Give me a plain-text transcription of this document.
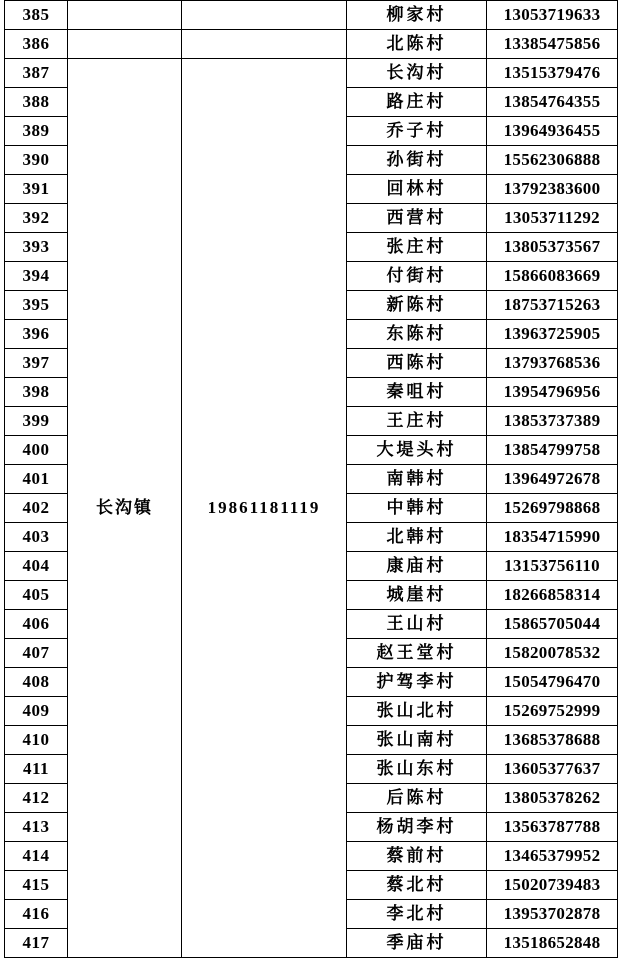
385			柳家村	13053719633
386			北陈村	13385475856
387	长沟镇	19861181119	长沟村	13515379476
388			路庄村	13854764355
389			乔子村	13964936455
390			孙街村	15562306888
391			回林村	13792383600
392			西营村	13053711292
393			张庄村	13805373567
394			付街村	15866083669
395			新陈村	18753715263
396			东陈村	13963725905
397			西陈村	13793768536
398			秦咀村	13954796956
399			王庄村	13853737389
400			大堤头村	13854799758
401			南韩村	13964972678
402			中韩村	15269798868
403			北韩村	18354715990
404			康庙村	13153756110
405			城崖村	18266858314
406			王山村	15865705044
407			赵王堂村	15820078532
408			护驾李村	15054796470
409			张山北村	15269752999
410			张山南村	13685378688
411			张山东村	13605377637
412			后陈村	13805378262
413			杨胡李村	13563787788
414			蔡前村	13465379952
415			蔡北村	15020739483
416			李北村	13953702878
417			季庙村	13518652848
